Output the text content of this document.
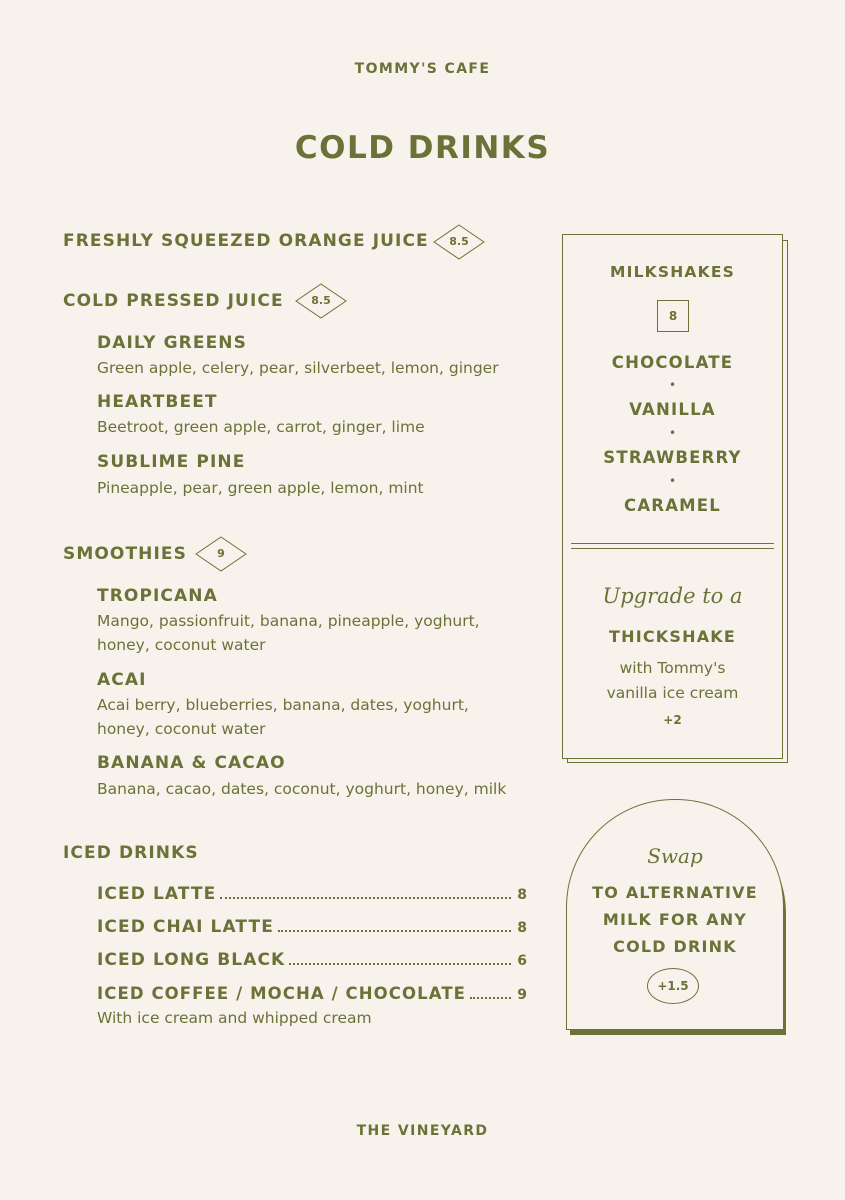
TOMMY'S CAFE
COLD DRINKS
FRESHLY SQUEEZED ORANGE JUICE	8.5
COLD PRESSED JUICE	8.5
DAILY GREENS
Green apple, celery, pear, silverbeet, lemon, ginger
HEARTBEET
Beetroot, green apple, carrot, ginger, lime
SUBLIME PINE
Pineapple, pear, green apple, lemon, mint
SMOOTHIES	9
TROPICANA
Mango, passionfruit, banana, pineapple, yoghurt,
honey, coconut water
ACAI
Acai berry, blueberries, banana, dates, yoghurt,
honey, coconut water
BANANA & CACAO
Banana, cacao, dates, coconut, yoghurt, honey, milk
ICED DRINKS
ICED LATTE	8
ICED CHAI LATTE	8
ICED LONG BLACK	6
ICED COFFEE / MOCHA / CHOCOLATE	9
With ice cream and whipped cream
MILKSHAKES
8
CHOCOLATE
•
VANILLA
•
STRAWBERRY
•
CARAMEL
Upgrade to a
THICKSHAKE
with Tommy's
vanilla ice cream
+2
Swap
TO ALTERNATIVE
MILK FOR ANY
COLD DRINK
+1.5
THE VINEYARD
